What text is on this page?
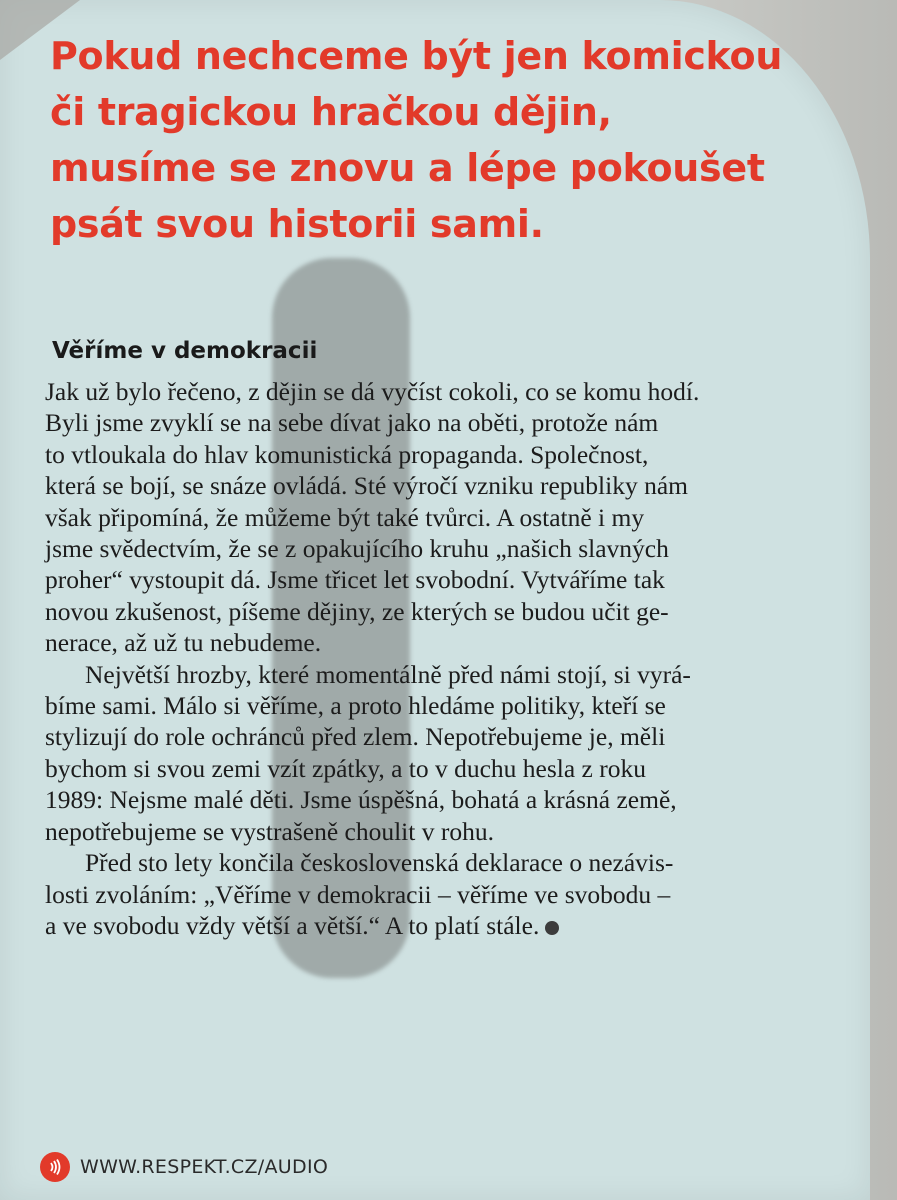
Pokud nechceme být jen komickou
či tragickou hračkou dějin,
musíme se znovu a lépe pokoušet
psát svou historii sami.
Věříme v demokracii

Jak už bylo řečeno, z dějin se dá vyčíst cokoli, co se komu hodí.
Byli jsme zvyklí se na sebe dívat jako na oběti, protože nám
to vtloukala do hlav komunistická propaganda. Společnost,
která se bojí, se snáze ovládá. Sté výročí vzniku republiky nám
však připomíná, že můžeme být také tvůrci. A ostatně i my
jsme svědectvím, že se z opakujícího kruhu „našich slavných
proher“ vystoupit dá. Jsme třicet let svobodní. Vytváříme tak
novou zkušenost, píšeme dějiny, ze kterých se budou učit ge-
nerace, až už tu nebudeme.

Největší hrozby, které momentálně před námi stojí, si vyrá-
bíme sami. Málo si věříme, a proto hledáme politiky, kteří se
stylizují do role ochránců před zlem. Nepotřebujeme je, měli
bychom si svou zemi vzít zpátky, a to v duchu hesla z roku
1989: Nejsme malé děti. Jsme úspěšná, bohatá a krásná země,
nepotřebujeme se vystrašeně choulit v rohu.

Před sto lety končila československá deklarace o nezávis-
losti zvoláním: „Věříme v demokracii – věříme ve svobodu –
a ve svobodu vždy větší a větší.“ A to platí stále.

WWW.RESPEKT.CZ/AUDIO
